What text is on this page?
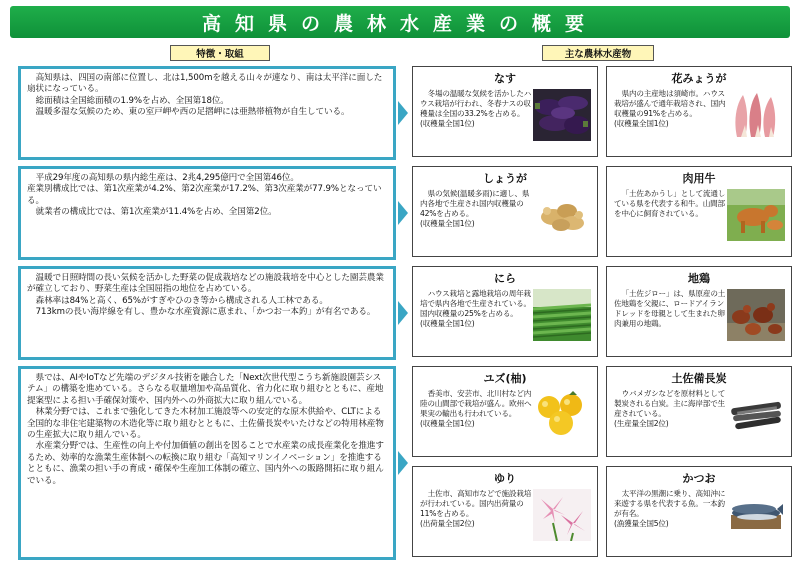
高知県の農林水産業の概要
特徴・取組	主な農林水産物

高知県は、四国の南部に位置し、北は1,500mを越える山々が連なり、南は太平洋に面した扇状になっている。

総面積は全国総面積の1.9%を占め、全国第18位。

温暖多湿な気候のため、東の室戸岬や西の足摺岬には亜熱帯植物が自生している。

平成29年度の高知県の県内総生産は、2兆4,295億円で全国第46位。

産業別構成比では、第1次産業が4.2%、第2次産業が17.2%、第3次産業が77.9%となっている。

就業者の構成比では、第1次産業が11.4%を占め、全国第2位。

温暖で日照時間の長い気候を活かした野菜の促成栽培などの施設栽培を中心とした園芸農業が確立しており、野菜生産は全国屈指の地位を占めている。

森林率は84%と高く、65%がすぎやひのき等から構成される人工林である。

713kmの長い海岸線を有し、豊かな水産資源に恵まれ、「かつお一本釣」が有名である。

県では、AIやIoTなど先端のデジタル技術を融合した「Next次世代型こうち新施設園芸システム」の構築を進めている。さらなる収量増加や高品質化、省力化に取り組むとともに、産地提案型による担い手確保対策や、国内外への外商拡大に取り組んでいる。

林業分野では、これまで強化してきた木材加工施設等への安定的な原木供給や、CLTによる全国的な非住宅建築物の木造化等に取り組むとともに、土佐備長炭やいたけなどの特用林産物の生産拡大に取り組んでいる。

水産業分野では、生産性の向上や付加価値の創出を図ることで水産業の成長産業化を推進するため、効率的な漁業生産体制への転換に取り組む「高知マリンイノベーション」を推進するとともに、漁業の担い手の育成・確保や生産加工体制の確立、国内外への販路開拓に取り組んでいる。

なす
冬場の温暖な気候を活かしたハウス栽培が行われ、冬春ナスの収穫量は全国の33.2%を占める。
(収穫量全国1位)
花みょうが
県内の主産地は須崎市。ハウス栽培が盛んで通年栽培され、国内収穫量の91%を占める。
(収穫量全国1位)
しょうが
県の気候(温暖多雨)に適し、県内各地で生産され国内収穫量の42%を占める。
(収穫量全国1位)
肉用牛
「土佐あかうし」として流通している県を代表する和牛。山間部を中心に飼育されている。
にら
ハウス栽培と露地栽培の周年栽培で県内各地で生産されている。国内収穫量の25%を占める。
(収穫量全国1位)
地鶏
「土佐ジロー」は、県原産の土佐地鶏を父親に、ロードアイランドレッドを母親として生まれた卵肉兼用の地鶏。
ユズ(柚)
香美市、安芸市、北川村など内陸の山間部で栽培が盛ん。欧州へ果実の輸出も行われている。
(収穫量全国1位)
土佐備長炭
ウバメガシなどを原材料として製炭される白炭。主に海岸部で生産されている。
(生産量全国2位)
ゆり
土佐市、高知市などで施設栽培が行われている。国内出荷量の11%を占める。
(出荷量全国2位)
かつお
太平洋の黒潮に乗り、高知沖に来遊する県を代表する魚。一本釣が有名。
(漁獲量全国5位)
